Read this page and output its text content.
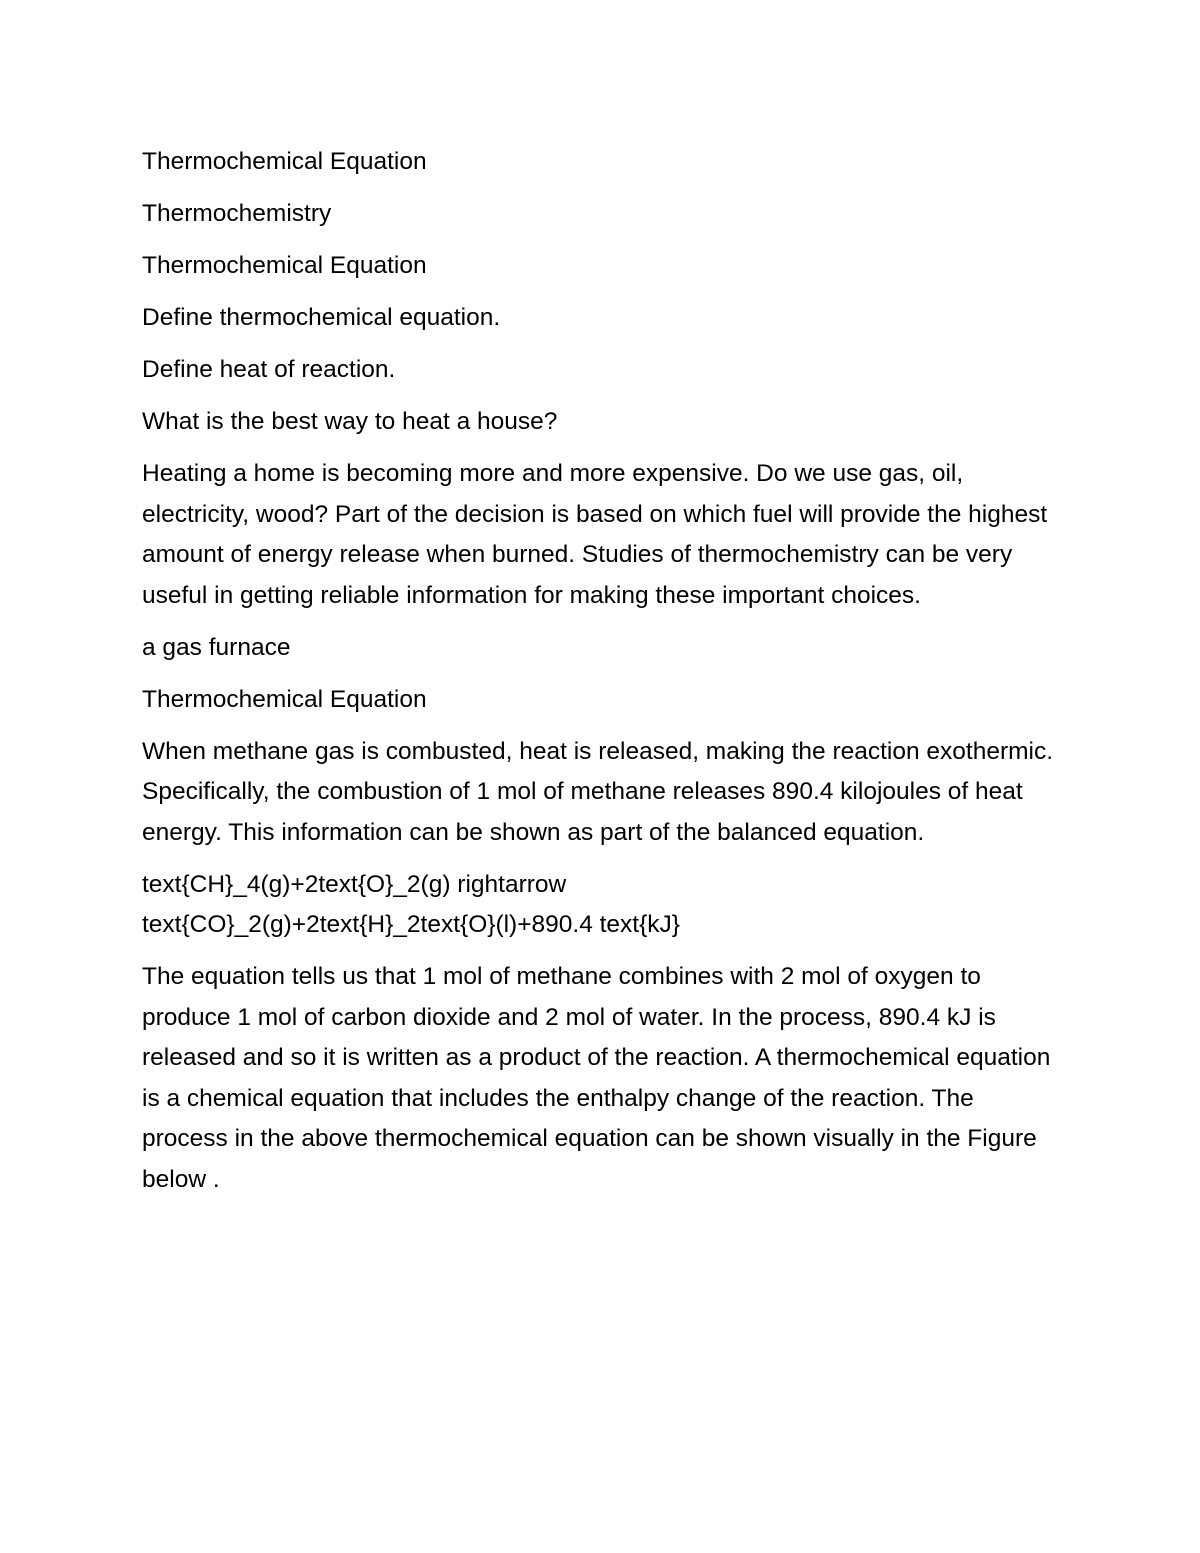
Thermochemical Equation

Thermochemistry

Thermochemical Equation

Define thermochemical equation.

Define heat of reaction.

What is the best way to heat a house?

Heating a home is becoming more and more expensive. Do we use gas, oil, electricity, wood? Part of the decision is based on which fuel will provide the highest amount of energy release when burned. Studies of thermochemistry can be very useful in getting reliable information for making these important choices.

a gas furnace

Thermochemical Equation

When methane gas is combusted, heat is released, making the reaction exothermic. Specifically, the combustion of 1 mol of methane releases 890.4 kilojoules of heat energy. This information can be shown as part of the balanced equation.

text{CH}_4(g)+2text{O}_2(g) rightarrow
text{CO}_2(g)+2text{H}_2text{O}(l)+890.4 text{kJ}

The equation tells us that 1 mol of methane combines with 2 mol of oxygen to produce 1 mol of carbon dioxide and 2 mol of water. In the process, 890.4 kJ is released and so it is written as a product of the reaction. A thermochemical equation is a chemical equation that includes the enthalpy change of the reaction. The process in the above thermochemical equation can be shown visually in the Figure below .
